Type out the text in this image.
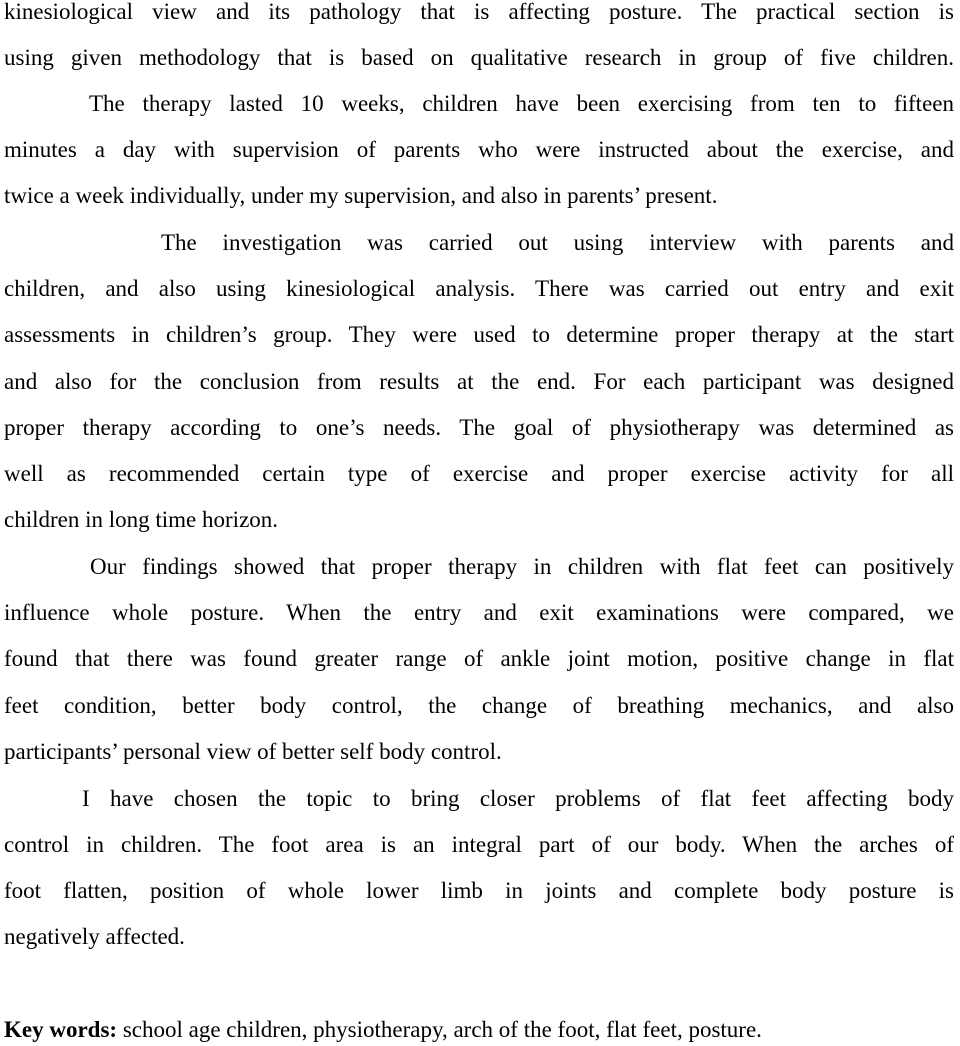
kinesiological view and its pathology that is affecting posture. The practical section is
using given methodology that is based on qualitative research in group of five children.
The therapy lasted 10 weeks, children have been exercising from ten to fifteen
minutes a day with supervision of parents who were instructed about the exercise, and
twice a week individually, under my supervision, and also in parents’ present.
The investigation was carried out using interview with parents and
children, and also using kinesiological analysis. There was carried out entry and exit
assessments in children’s group. They were used to determine proper therapy at the start
and also for the conclusion from results at the end. For each participant was designed
proper therapy according to one’s needs. The goal of physiotherapy was determined as
well as recommended certain type of exercise and proper exercise activity for all
children in long time horizon.
Our findings showed that proper therapy in children with flat feet can positively
influence whole posture. When the entry and exit examinations were compared, we
found that there was found greater range of ankle joint motion, positive change in flat
feet condition, better body control, the change of breathing mechanics, and also
participants’ personal view of better self body control.
I have chosen the topic to bring closer problems of flat feet affecting body
control in children. The foot area is an integral part of our body. When the arches of
foot flatten, position of whole lower limb in joints and complete body posture is
negatively affected.
Key words: school age children, physiotherapy, arch of the foot, flat feet, posture.
